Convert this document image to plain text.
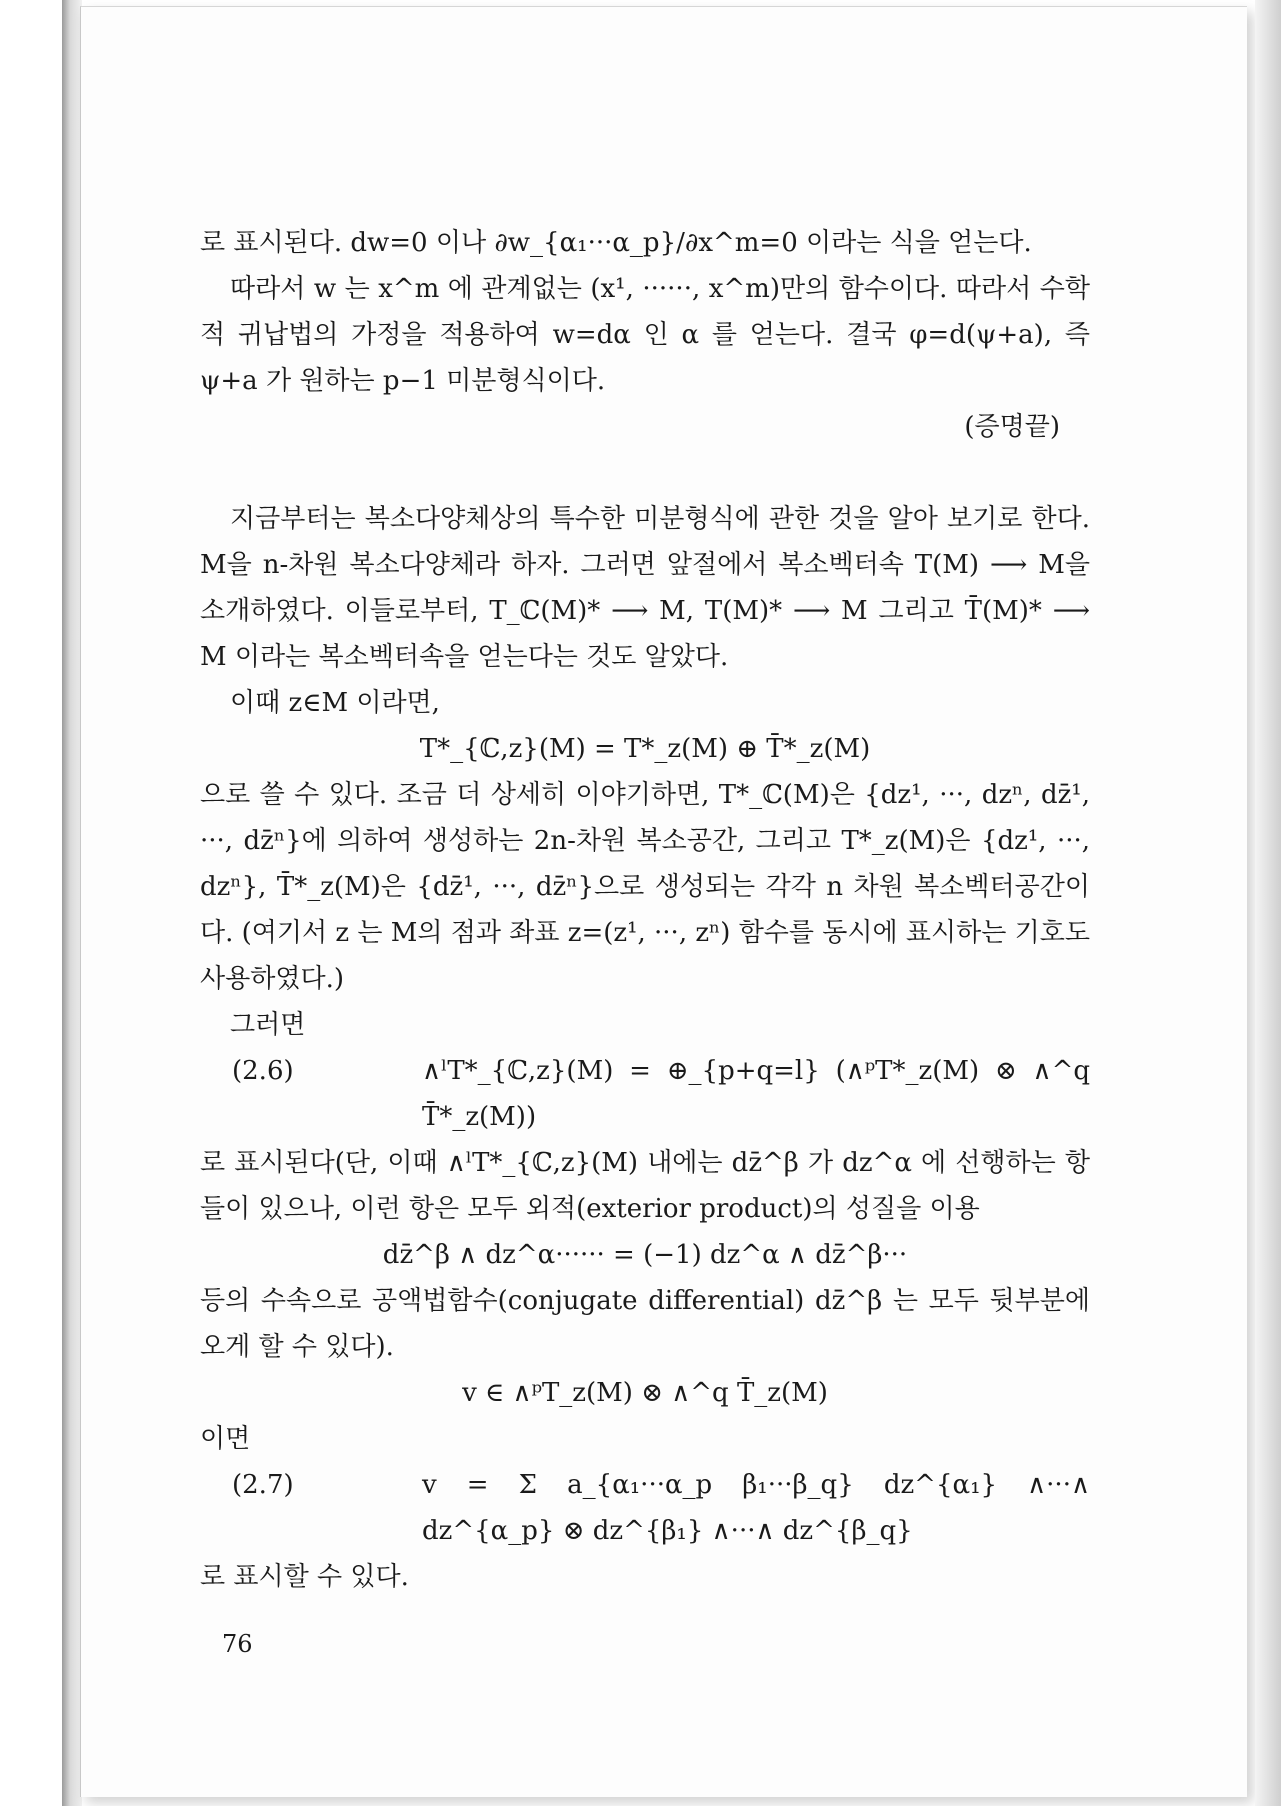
로 표시된다. dw=0 이나 ∂w_{α₁···α_p}/∂x^m=0 이라는 식을 얻는다.

따라서 w 는 x^m 에 관계없는 (x¹, ······, x^m)만의 함수이다. 따라서 수학적 귀납법의 가정을 적용하여 w=dα 인 α 를 얻는다. 결국 φ=d(ψ+a), 즉 ψ+a 가 원하는 p−1 미분형식이다.

(증명끝)

지금부터는 복소다양체상의 특수한 미분형식에 관한 것을 알아 보기로 한다. M을 n-차원 복소다양체라 하자. 그러면 앞절에서 복소벡터속 T(M) ⟶ M을 소개하였다. 이들로부터, T_ℂ(M)* ⟶ M, T(M)* ⟶ M 그리고 T̄(M)* ⟶ M 이라는 복소벡터속을 얻는다는 것도 알았다.

이때 z∈M 이라면,

T*_{ℂ,z}(M) = T*_z(M) ⊕ T̄*_z(M)

으로 쓸 수 있다. 조금 더 상세히 이야기하면, T*_ℂ(M)은 {dz¹, ···, dzⁿ, dz̄¹, ···, dz̄ⁿ}에 의하여 생성하는 2n-차원 복소공간, 그리고 T*_z(M)은 {dz¹, ···, dzⁿ}, T̄*_z(M)은 {dz̄¹, ···, dz̄ⁿ}으로 생성되는 각각 n 차원 복소벡터공간이다. (여기서 z 는 M의 점과 좌표 z=(z¹, ···, zⁿ) 함수를 동시에 표시하는 기호도 사용하였다.)

그러면

(2.6)	∧ˡT*_{ℂ,z}(M) = ⊕_{p+q=l} (∧ᵖT*_z(M) ⊗ ∧^q T̄*_z(M))

로 표시된다(단, 이때 ∧ˡT*_{ℂ,z}(M) 내에는 dz̄^β 가 dz^α 에 선행하는 항들이 있으나, 이런 항은 모두 외적(exterior product)의 성질을 이용

dz̄^β ∧ dz^α······ = (−1) dz^α ∧ dz̄^β···

등의 수속으로 공액법함수(conjugate differential) dz̄^β 는 모두 뒷부분에 오게 할 수 있다).

v ∈ ∧ᵖT_z(M) ⊗ ∧^q T̄_z(M)

이면

(2.7)	v = Σ a_{α₁···α_p β₁···β_q} dz^{α₁} ∧···∧ dz^{α_p} ⊗ dz^{β₁} ∧···∧ dz^{β_q}

로 표시할 수 있다.

76
